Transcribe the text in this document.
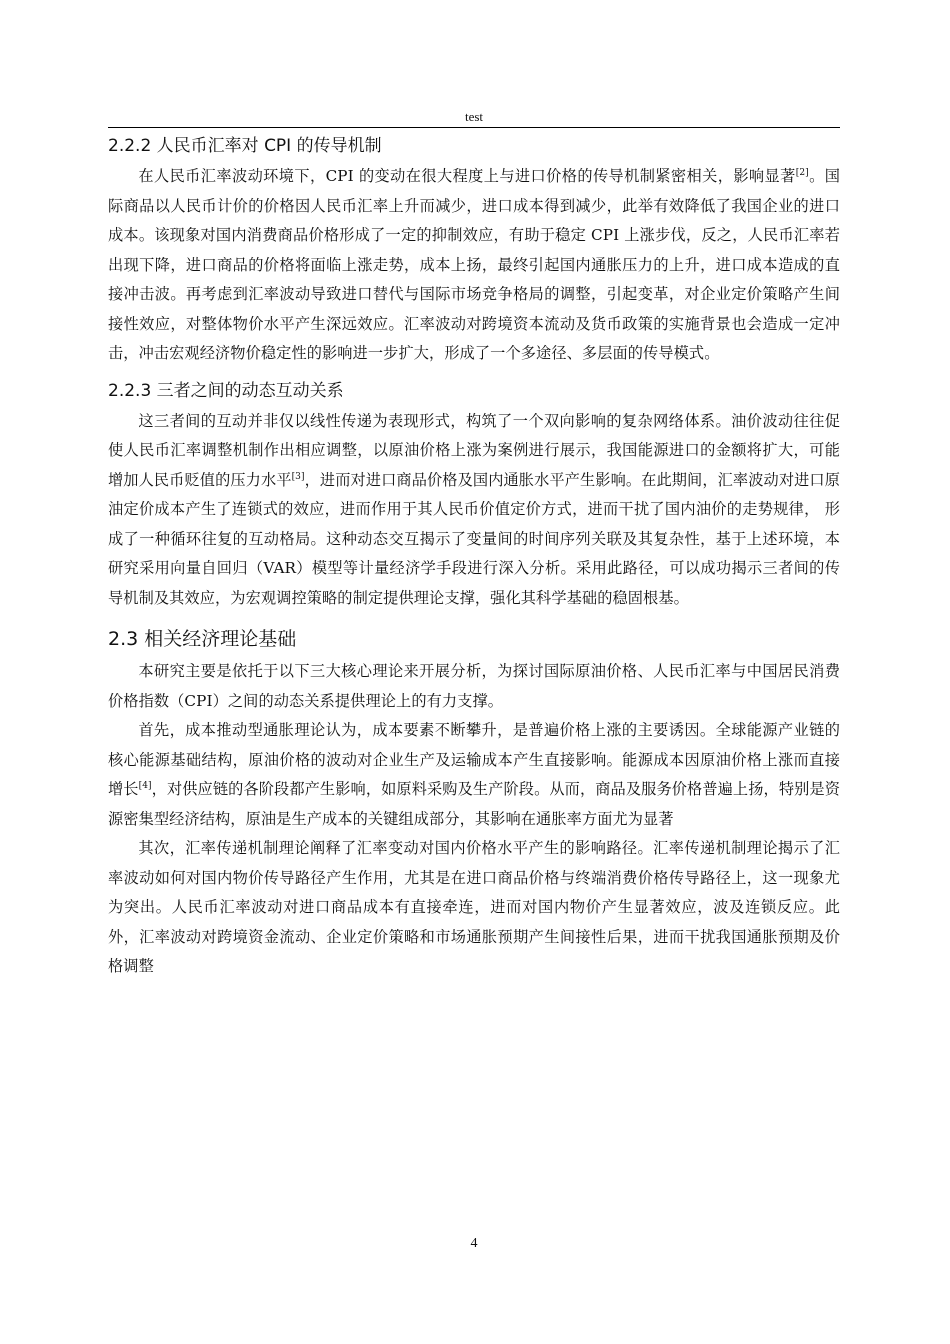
test
2.2.2 人民币汇率对 CPI 的传导机制

在人民币汇率波动环境下，CPI 的变动在很大程度上与进口价格的传导机制紧密相关，影响显著[2]。国际商品以人民币计价的价格因人民币汇率上升而减少，进口成本得到减少，此举有效降低了我国企业的进口成本。该现象对国内消费商品价格形成了一定的抑制效应，有助于稳定 CPI 上涨步伐，反之，人民币汇率若出现下降，进口商品的价格将面临上涨走势，成本上扬，最终引起国内通胀压力的上升，进口成本造成的直接冲击波。再考虑到汇率波动导致进口替代与国际市场竞争格局的调整，引起变革，对企业定价策略产生间接性效应，对整体物价水平产生深远效应。汇率波动对跨境资本流动及货币政策的实施背景也会造成一定冲击，冲击宏观经济物价稳定性的影响进一步扩大，形成了一个多途径、多层面的传导模式。

2.2.3 三者之间的动态互动关系

这三者间的互动并非仅以线性传递为表现形式，构筑了一个双向影响的复杂网络体系。油价波动往往促使人民币汇率调整机制作出相应调整，以原油价格上涨为案例进行展示，我国能源进口的金额将扩大，可能增加人民币贬值的压力水平[3]，进而对进口商品价格及国内通胀水平产生影响。在此期间，汇率波动对进口原油定价成本产生了连锁式的效应，进而作用于其人民币价值定价方式，进而干扰了国内油价的走势规律， 形成了一种循环往复的互动格局。这种动态交互揭示了变量间的时间序列关联及其复杂性，基于上述环境，本研究采用向量自回归（VAR）模型等计量经济学手段进行深入分析。采用此路径，可以成功揭示三者间的传导机制及其效应，为宏观调控策略的制定提供理论支撑，强化其科学基础的稳固根基。

2.3 相关经济理论基础

本研究主要是依托于以下三大核心理论来开展分析，为探讨国际原油价格、人民币汇率与中国居民消费价格指数（CPI）之间的动态关系提供理论上的有力支撑。

首先，成本推动型通胀理论认为，成本要素不断攀升，是普遍价格上涨的主要诱因。全球能源产业链的核心能源基础结构，原油价格的波动对企业生产及运输成本产生直接影响。能源成本因原油价格上涨而直接增长[4]，对供应链的各阶段都产生影响，如原料采购及生产阶段。从而，商品及服务价格普遍上扬，特别是资源密集型经济结构，原油是生产成本的关键组成部分，其影响在通胀率方面尤为显著

其次，汇率传递机制理论阐释了汇率变动对国内价格水平产生的影响路径。汇率传递机制理论揭示了汇率波动如何对国内物价传导路径产生作用，尤其是在进口商品价格与终端消费价格传导路径上，这一现象尤为突出。人民币汇率波动对进口商品成本有直接牵连，进而对国内物价产生显著效应，波及连锁反应。此外，汇率波动对跨境资金流动、企业定价策略和市场通胀预期产生间接性后果，进而干扰我国通胀预期及价格调整

4
